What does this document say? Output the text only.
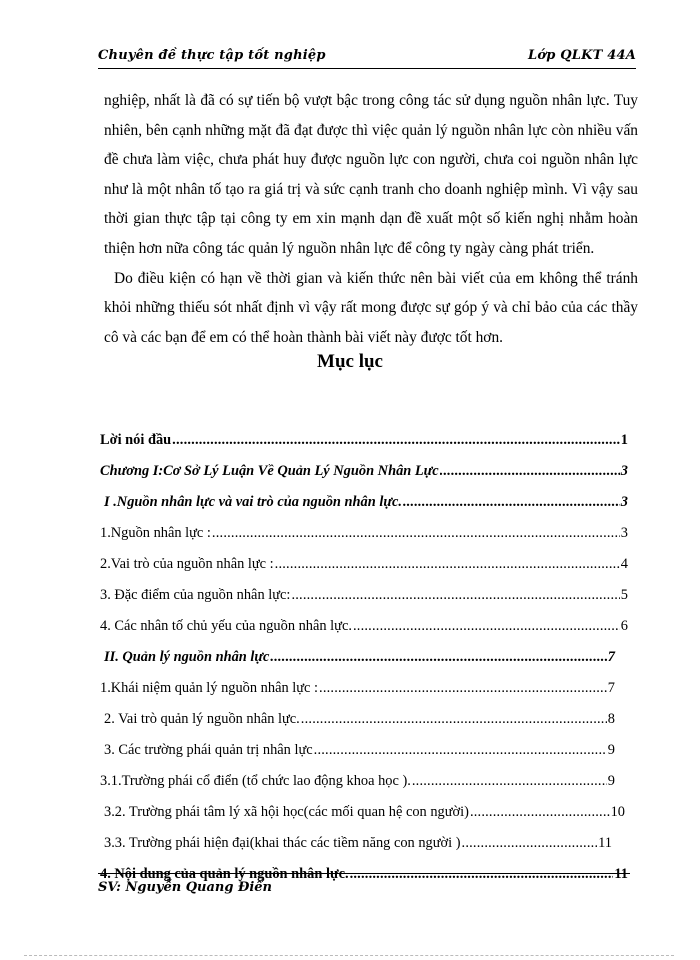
Chuyên đề thực tập tốt nghiệp	Lớp QLKT 44A

nghiệp, nhất là đã có sự tiến bộ vượt bậc trong công tác sử dụng nguồn nhân lực. Tuy nhiên, bên cạnh những mặt đã đạt được thì việc quản lý nguồn nhân lực còn nhiều vấn đề chưa làm việc, chưa phát huy được nguồn lực con người, chưa coi nguồn nhân lực như là một nhân tố tạo ra giá trị và sức cạnh tranh cho doanh nghiệp mình. Vì vậy sau thời gian thực tập tại công ty em xin mạnh dạn đề xuất một số kiến nghị nhằm hoàn thiện hơn nữa công tác quản lý nguồn nhân lực để công ty ngày càng phát triển.

Do điều kiện có hạn về thời gian và kiến thức nên bài viết của em không thể tránh khỏi những thiếu sót nhất định vì vậy rất mong được sự góp ý và chỉ bảo của các thầy cô và các bạn để em có thể hoàn thành bài viết này được tốt hơn.

Mục lục
Lời nói đầu .....	1
Chương I:Cơ Sở Lý Luận Về Quản Lý Nguồn Nhân Lực .....	3
I .Nguồn nhân lực và vai trò của nguồn nhân lực. .....	3
1.Nguồn nhân lực : .....	3
2.Vai trò của nguồn nhân lực : .....	4
3. Đặc điểm của nguồn nhân lực: .....	5
4. Các nhân tố chủ yếu của nguồn nhân lực. .....	6
II. Quản lý nguồn nhân lực .....	7
1.Khái niệm quản lý nguồn nhân lực : .....	7
2. Vai trò quản lý nguồn nhân lực. .....	8
3. Các trường phái quản trị nhân lực .....	9
3.1.Trường phái cổ điển (tổ chức lao động khoa học ). .....	9
3.2. Trường phái tâm lý xã hội học(các mối quan hệ con người) .....	10
3.3. Trường phái hiện đại(khai thác các tiềm năng con người ) .....	11
4. Nội dung của quản lý nguồn nhân lực. .....	11
SV: Nguyễn Quang Điển
